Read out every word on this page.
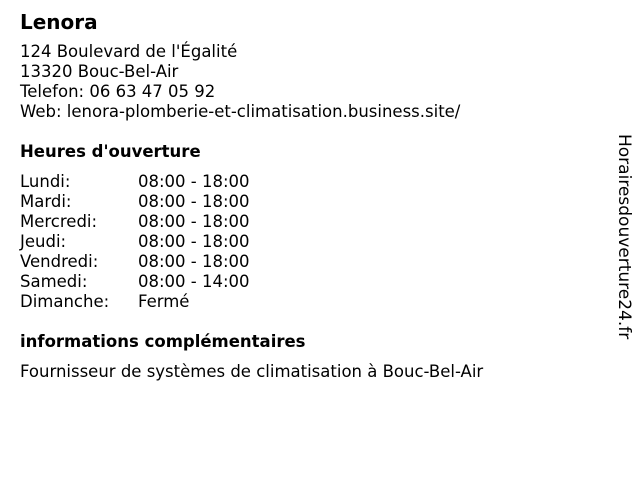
Lenora
124 Boulevard de l'Égalité
13320 Bouc-Bel-Air
Telefon: 06 63 47 05 92
Web: lenora-plomberie-et-climatisation.business.site/
Heures d'ouverture
Lundi:	08:00 - 18:00
Mardi:	08:00 - 18:00
Mercredi:	08:00 - 18:00
Jeudi:	08:00 - 18:00
Vendredi:	08:00 - 18:00
Samedi:	08:00 - 14:00
Dimanche:	Fermé
informations complémentaires
Fournisseur de systèmes de climatisation à Bouc-Bel-Air
Horairesdouverture24.fr
